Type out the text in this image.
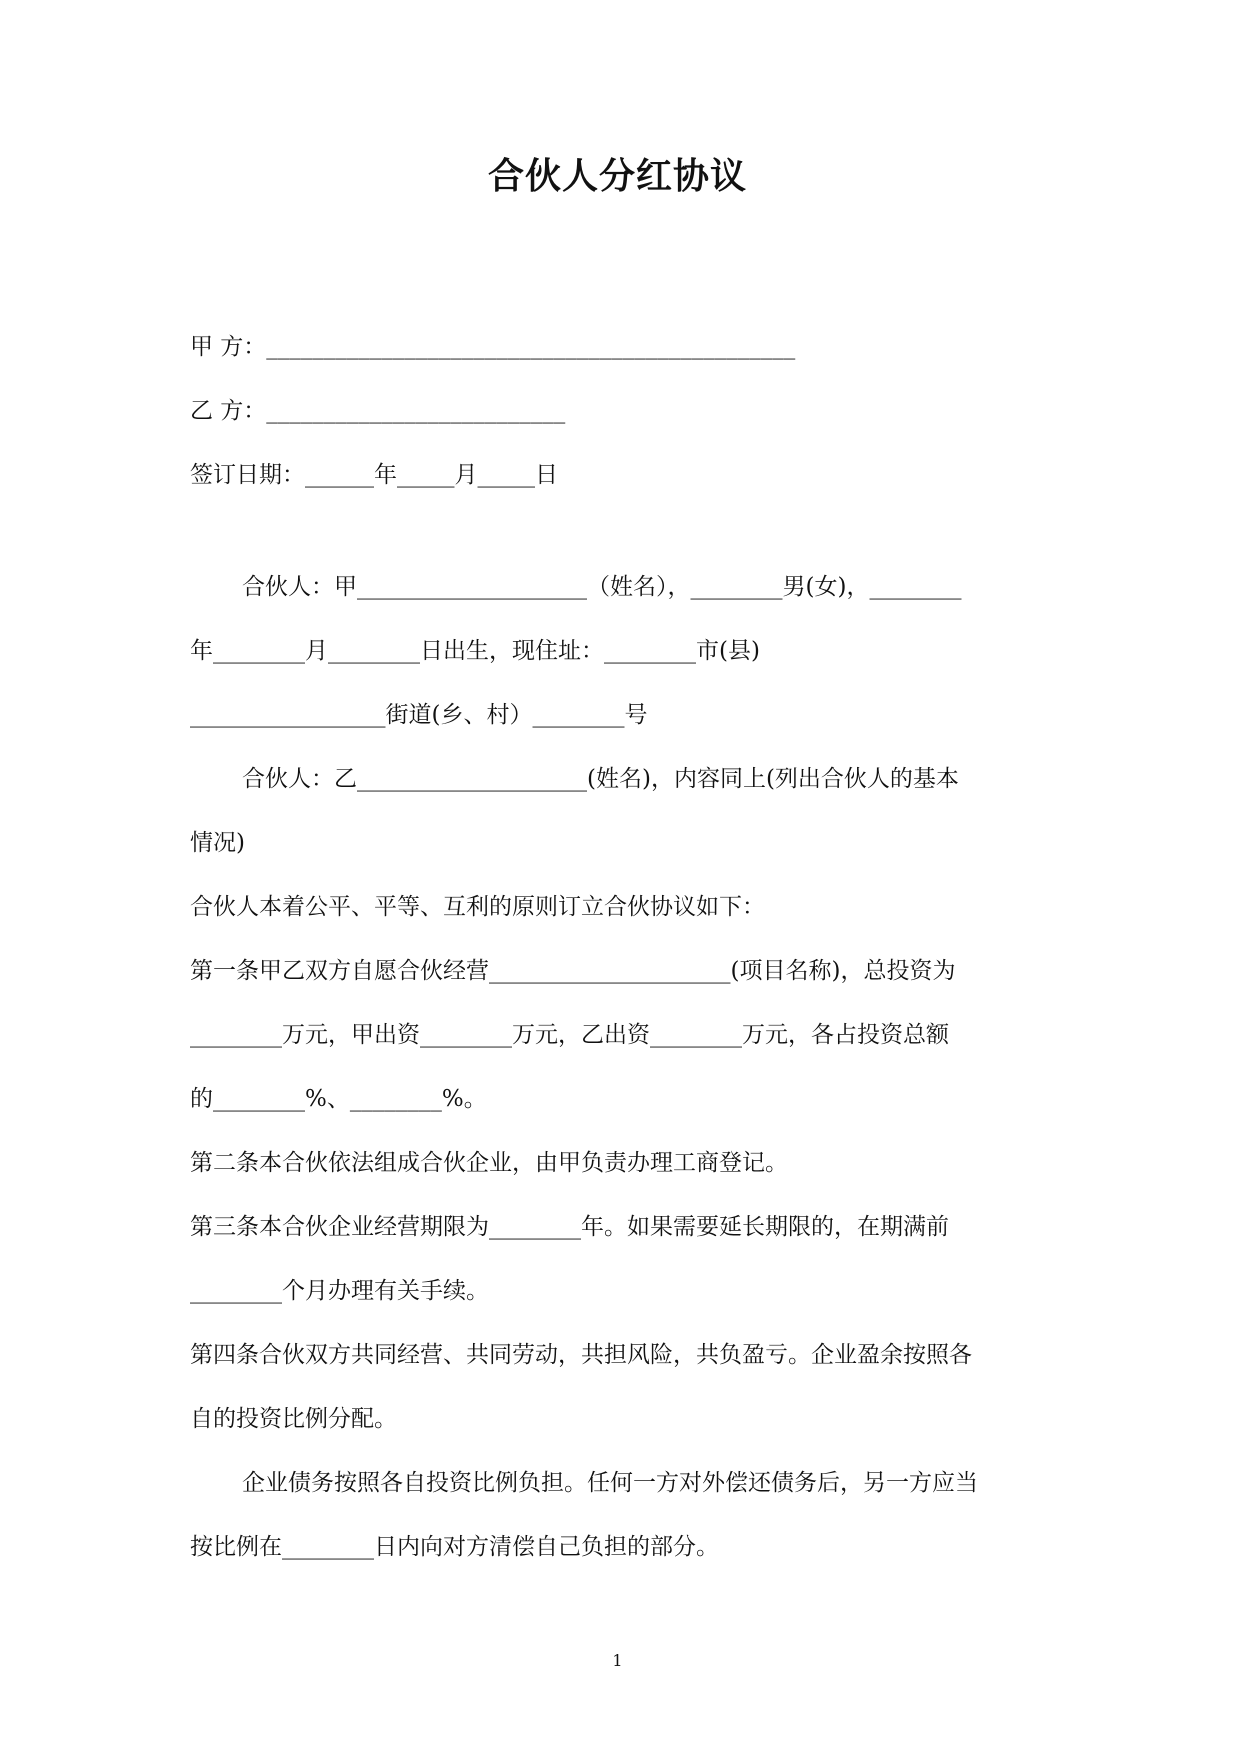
合伙人分红协议
甲 方：______________________________________________
乙 方：__________________________
签订日期：______年_____月_____日
合伙人：甲____________________（姓名），________男(女)，________
年________月________日出生，现住址：________市(县)
_________________街道(乡、村）________号
合伙人：乙____________________(姓名)，内容同上(列出合伙人的基本
情况)
合伙人本着公平、平等、互利的原则订立合伙协议如下：
第一条甲乙双方自愿合伙经营_____________________(项目名称)，总投资为
________万元，甲出资________万元，乙出资________万元，各占投资总额
的________%、________%。
第二条本合伙依法组成合伙企业，由甲负责办理工商登记。
第三条本合伙企业经营期限为________年。如果需要延长期限的，在期满前
________个月办理有关手续。
第四条合伙双方共同经营、共同劳动，共担风险，共负盈亏。企业盈余按照各
自的投资比例分配。
企业债务按照各自投资比例负担。任何一方对外偿还债务后，另一方应当
按比例在________日内向对方清偿自己负担的部分。
1
